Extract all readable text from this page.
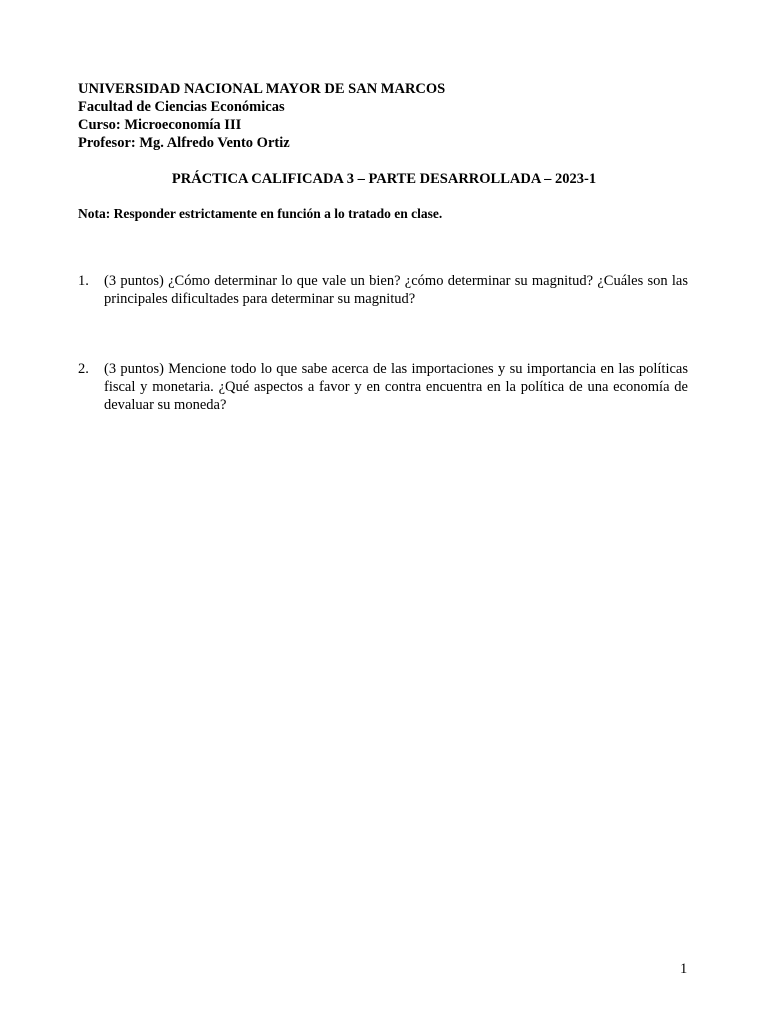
UNIVERSIDAD NACIONAL MAYOR DE SAN MARCOS
Facultad de Ciencias Económicas
Curso: Microeconomía III
Profesor: Mg. Alfredo Vento Ortiz
PRÁCTICA CALIFICADA 3 – PARTE DESARROLLADA – 2023-1
Nota: Responder estrictamente en función a lo tratado en clase.
1. (3 puntos) ¿Cómo determinar lo que vale un bien? ¿cómo determinar su magnitud? ¿Cuáles son las principales dificultades para determinar su magnitud?
2. (3 puntos) Mencione todo lo que sabe acerca de las importaciones y su importancia en las políticas fiscal y monetaria. ¿Qué aspectos a favor y en contra encuentra en la política de una economía de devaluar su moneda?
1
